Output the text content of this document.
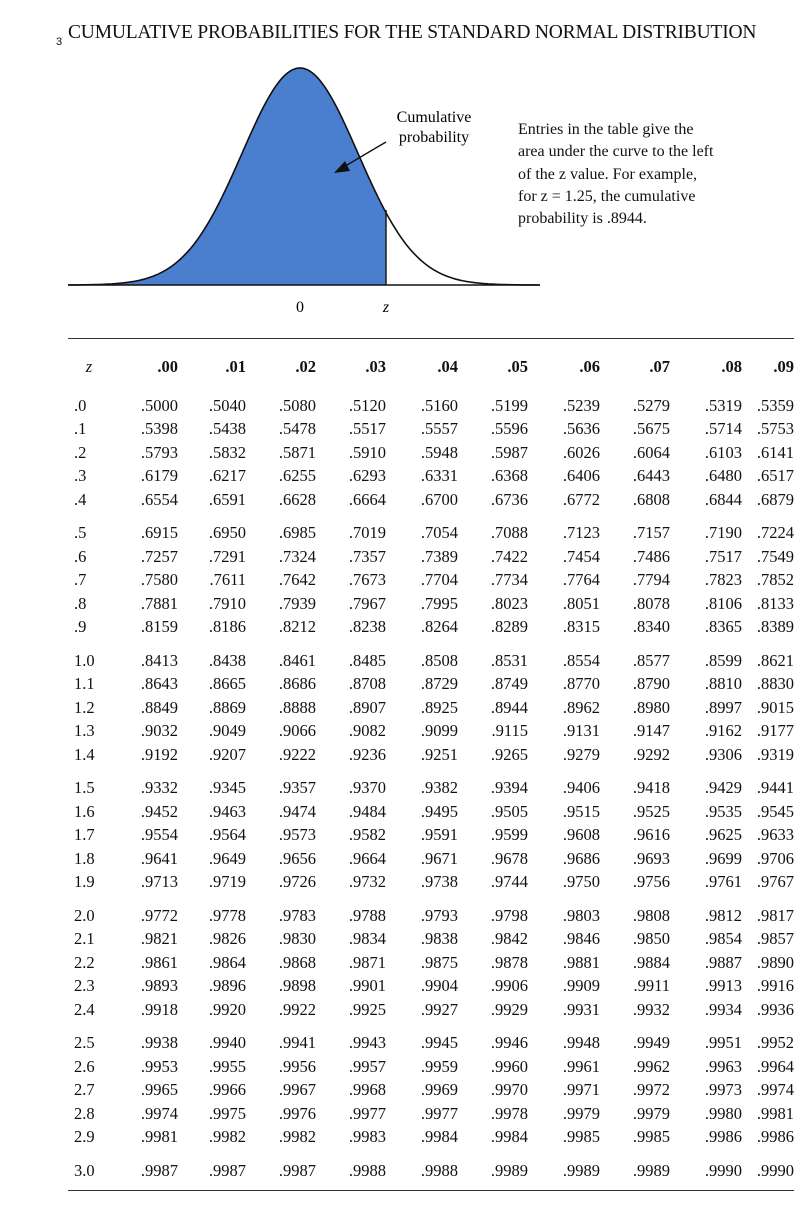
3 CUMULATIVE PROBABILITIES FOR THE STANDARD NORMAL DISTRIBUTION
Cumulative
probability
0	z
Entries in the table give the area under the curve to the left of the z value. For example, for z = 1.25, the cumulative probability is .8944.
z	.00	.01	.02	.03	.04	.05	.06	.07	.08	.09

.0	.5000	.5040	.5080	.5120	.5160	.5199	.5239	.5279	.5319	.5359
.1	.5398	.5438	.5478	.5517	.5557	.5596	.5636	.5675	.5714	.5753
.2	.5793	.5832	.5871	.5910	.5948	.5987	.6026	.6064	.6103	.6141
.3	.6179	.6217	.6255	.6293	.6331	.6368	.6406	.6443	.6480	.6517
.4	.6554	.6591	.6628	.6664	.6700	.6736	.6772	.6808	.6844	.6879
.5	.6915	.6950	.6985	.7019	.7054	.7088	.7123	.7157	.7190	.7224
.6	.7257	.7291	.7324	.7357	.7389	.7422	.7454	.7486	.7517	.7549
.7	.7580	.7611	.7642	.7673	.7704	.7734	.7764	.7794	.7823	.7852
.8	.7881	.7910	.7939	.7967	.7995	.8023	.8051	.8078	.8106	.8133
.9	.8159	.8186	.8212	.8238	.8264	.8289	.8315	.8340	.8365	.8389
1.0	.8413	.8438	.8461	.8485	.8508	.8531	.8554	.8577	.8599	.8621
1.1	.8643	.8665	.8686	.8708	.8729	.8749	.8770	.8790	.8810	.8830
1.2	.8849	.8869	.8888	.8907	.8925	.8944	.8962	.8980	.8997	.9015
1.3	.9032	.9049	.9066	.9082	.9099	.9115	.9131	.9147	.9162	.9177
1.4	.9192	.9207	.9222	.9236	.9251	.9265	.9279	.9292	.9306	.9319
1.5	.9332	.9345	.9357	.9370	.9382	.9394	.9406	.9418	.9429	.9441
1.6	.9452	.9463	.9474	.9484	.9495	.9505	.9515	.9525	.9535	.9545
1.7	.9554	.9564	.9573	.9582	.9591	.9599	.9608	.9616	.9625	.9633
1.8	.9641	.9649	.9656	.9664	.9671	.9678	.9686	.9693	.9699	.9706
1.9	.9713	.9719	.9726	.9732	.9738	.9744	.9750	.9756	.9761	.9767
2.0	.9772	.9778	.9783	.9788	.9793	.9798	.9803	.9808	.9812	.9817
2.1	.9821	.9826	.9830	.9834	.9838	.9842	.9846	.9850	.9854	.9857
2.2	.9861	.9864	.9868	.9871	.9875	.9878	.9881	.9884	.9887	.9890
2.3	.9893	.9896	.9898	.9901	.9904	.9906	.9909	.9911	.9913	.9916
2.4	.9918	.9920	.9922	.9925	.9927	.9929	.9931	.9932	.9934	.9936
2.5	.9938	.9940	.9941	.9943	.9945	.9946	.9948	.9949	.9951	.9952
2.6	.9953	.9955	.9956	.9957	.9959	.9960	.9961	.9962	.9963	.9964
2.7	.9965	.9966	.9967	.9968	.9969	.9970	.9971	.9972	.9973	.9974
2.8	.9974	.9975	.9976	.9977	.9977	.9978	.9979	.9979	.9980	.9981
2.9	.9981	.9982	.9982	.9983	.9984	.9984	.9985	.9985	.9986	.9986
3.0	.9987	.9987	.9987	.9988	.9988	.9989	.9989	.9989	.9990	.9990
